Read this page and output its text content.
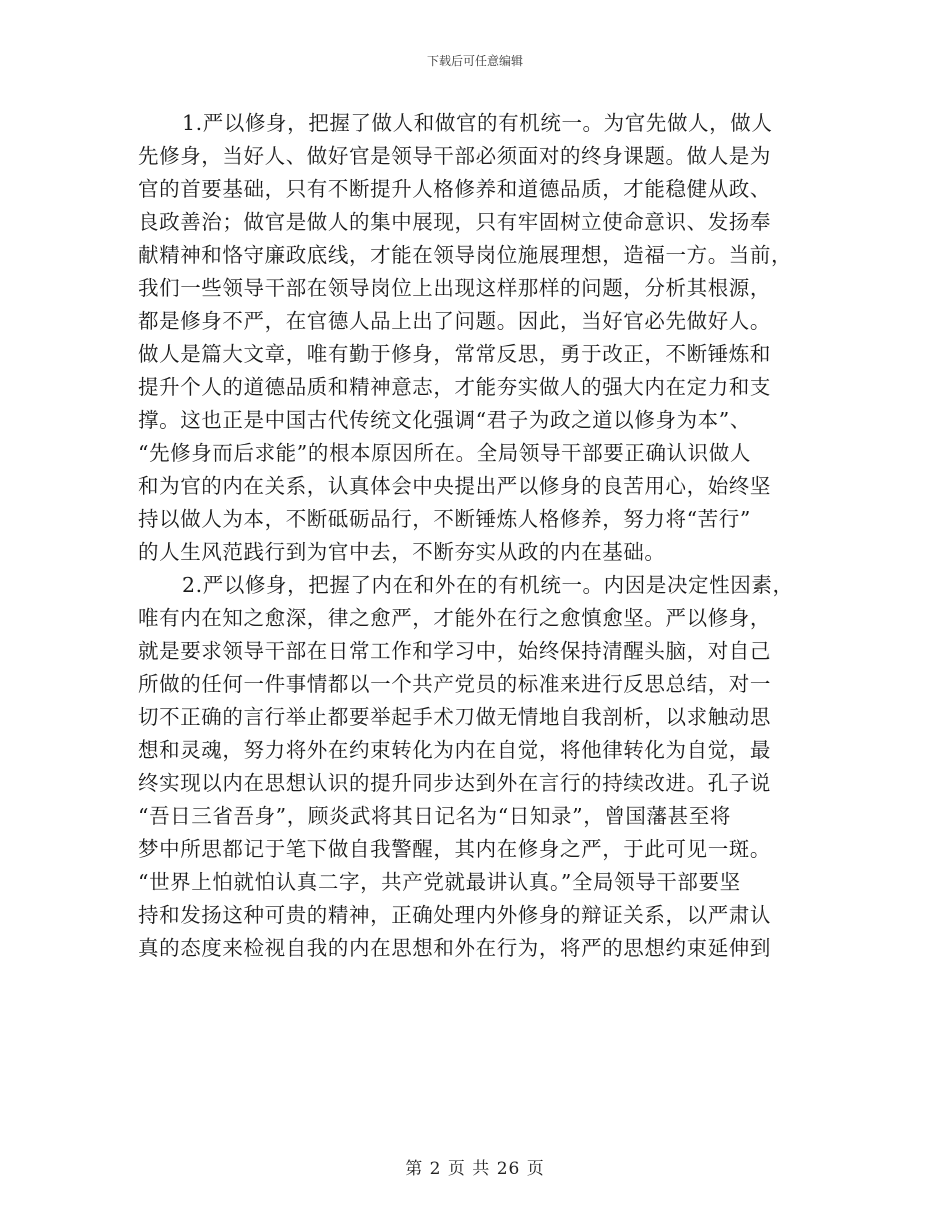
下载后可任意编辑
1.严以修身，把握了做人和做官的有机统一。为官先做人，做人
先修身，当好人、做好官是领导干部必须面对的终身课题。做人是为
官的首要基础，只有不断提升人格修养和道德品质，才能稳健从政、
良政善治；做官是做人的集中展现，只有牢固树立使命意识、发扬奉
献精神和恪守廉政底线，才能在领导岗位施展理想，造福一方。当前，
我们一些领导干部在领导岗位上出现这样那样的问题，分析其根源，
都是修身不严，在官德人品上出了问题。因此，当好官必先做好人。
做人是篇大文章，唯有勤于修身，常常反思，勇于改正，不断锤炼和
提升个人的道德品质和精神意志，才能夯实做人的强大内在定力和支
撑。这也正是中国古代传统文化强调“君子为政之道以修身为本”、
“先修身而后求能”的根本原因所在。全局领导干部要正确认识做人
和为官的内在关系，认真体会中央提出严以修身的良苦用心，始终坚
持以做人为本，不断砥砺品行，不断锤炼人格修养，努力将“苦行”
的人生风范践行到为官中去，不断夯实从政的内在基础。
2.严以修身，把握了内在和外在的有机统一。内因是决定性因素，
唯有内在知之愈深，律之愈严，才能外在行之愈慎愈坚。严以修身，
就是要求领导干部在日常工作和学习中，始终保持清醒头脑，对自己
所做的任何一件事情都以一个共产党员的标准来进行反思总结，对一
切不正确的言行举止都要举起手术刀做无情地自我剖析，以求触动思
想和灵魂，努力将外在约束转化为内在自觉，将他律转化为自觉，最
终实现以内在思想认识的提升同步达到外在言行的持续改进。孔子说
“吾日三省吾身”，顾炎武将其日记名为“日知录”，曾国藩甚至将
梦中所思都记于笔下做自我警醒，其内在修身之严，于此可见一斑。
“世界上怕就怕认真二字，共产党就最讲认真。”全局领导干部要坚
持和发扬这种可贵的精神，正确处理内外修身的辩证关系，以严肃认
真的态度来检视自我的内在思想和外在行为，将严的思想约束延伸到
第 2 页 共 26 页
